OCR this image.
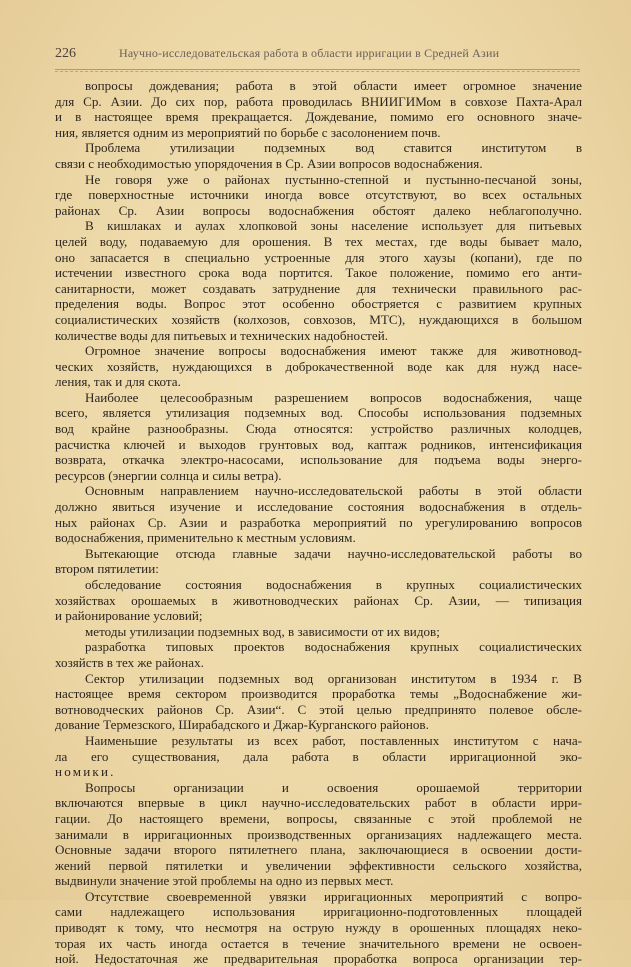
226	Научно-исследовательская работа в области ирригации в Средней Азии
вопросы дождевания; работа в этой области имеет огромное значение
для Ср. Азии. До сих пор, работа проводилась ВНИИГИМом в совхозе Пахта-Арал
и в настоящее время прекращается. Дождевание, помимо его основного значе-
ния, является одним из мероприятий по борьбе с засолонением почв.
Проблема утилизации подземных вод ставится институтом в
связи с необходимостью упорядочения в Ср. Азии вопросов водоснабжения.
Не говоря уже о районах пустынно-степной и пустынно-песчаной зоны,
где поверхностные источники иногда вовсе отсутствуют, во всех остальных
районах Ср. Азии вопросы водоснабжения обстоят далеко неблагополучно.
В кишлаках и аулах хлопковой зоны население использует для питьевых
целей воду, подаваемую для орошения. В тех местах, где воды бывает мало,
оно запасается в специально устроенные для этого хаузы (копани), где по
истечении известного срока вода портится. Такое положение, помимо его анти-
санитарности, может создавать затруднение для технически правильного рас-
пределения воды. Вопрос этот особенно обостряется с развитием крупных
социалистических хозяйств (колхозов, совхозов, МТС), нуждающихся в большом
количестве воды для питьевых и технических надобностей.
Огромное значение вопросы водоснабжения имеют также для животновод-
ческих хозяйств, нуждающихся в доброкачественной воде как для нужд насе-
ления, так и для скота.
Наиболее целесообразным разрешением вопросов водоснабжения, чаще
всего, является утилизация подземных вод. Способы использования подземных
вод крайне разнообразны. Сюда относятся: устройство различных колодцев,
расчистка ключей и выходов грунтовых вод, каптаж родников, интенсификация
возврата, откачка электро-насосами, использование для подъема воды энерго-
ресурсов (энергии солнца и силы ветра).
Основным направлением научно-исследовательской работы в этой области
должно явиться изучение и исследование состояния водоснабжения в отдель-
ных районах Ср. Азии и разработка мероприятий по урегулированию вопросов
водоснабжения, применительно к местным условиям.
Вытекающие отсюда главные задачи научно-исследовательской работы во
втором пятилетии:
обследование состояния водоснабжения в крупных социалистических
хозяйствах орошаемых в животноводческих районах Ср. Азии, — типизация
и районирование условий;
методы утилизации подземных вод, в зависимости от их видов;
разработка типовых проектов водоснабжения крупных социалистических
хозяйств в тех же районах.
Сектор утилизации подземных вод организован институтом в 1934 г. В
настоящее время сектором производится проработка темы „Водоснабжение жи-
вотноводческих районов Ср. Азии“. С этой целью предпринято полевое обсле-
дование Термезского, Ширабадского и Джар-Курганского районов.
Наименьшие результаты из всех работ, поставленных институтом с нача-
ла его существования, дала работа в области ирригационной эко-
номики.
Вопросы организации и освоения орошаемой территории
включаются впервые в цикл научно-исследовательских работ в области ирри-
гации. До настоящего времени, вопросы, связанные с этой проблемой не
занимали в ирригационных производственных организациях надлежащего места.
Основные задачи второго пятилетнего плана, заключающиеся в освоении дости-
жений первой пятилетки и увеличении эффективности сельского хозяйства,
выдвинули значение этой проблемы на одно из первых мест.
Отсутствие своевременной увязки ирригационных мероприятий с вопро-
сами надлежащего использования ирригационно-подготовленных площадей
приводят к тому, что несмотря на острую нужду в орошенных площадях неко-
торая их часть иногда остается в течение значительного времени не освоен-
ной. Недостаточная же предварительная проработка вопроса организации тер-
